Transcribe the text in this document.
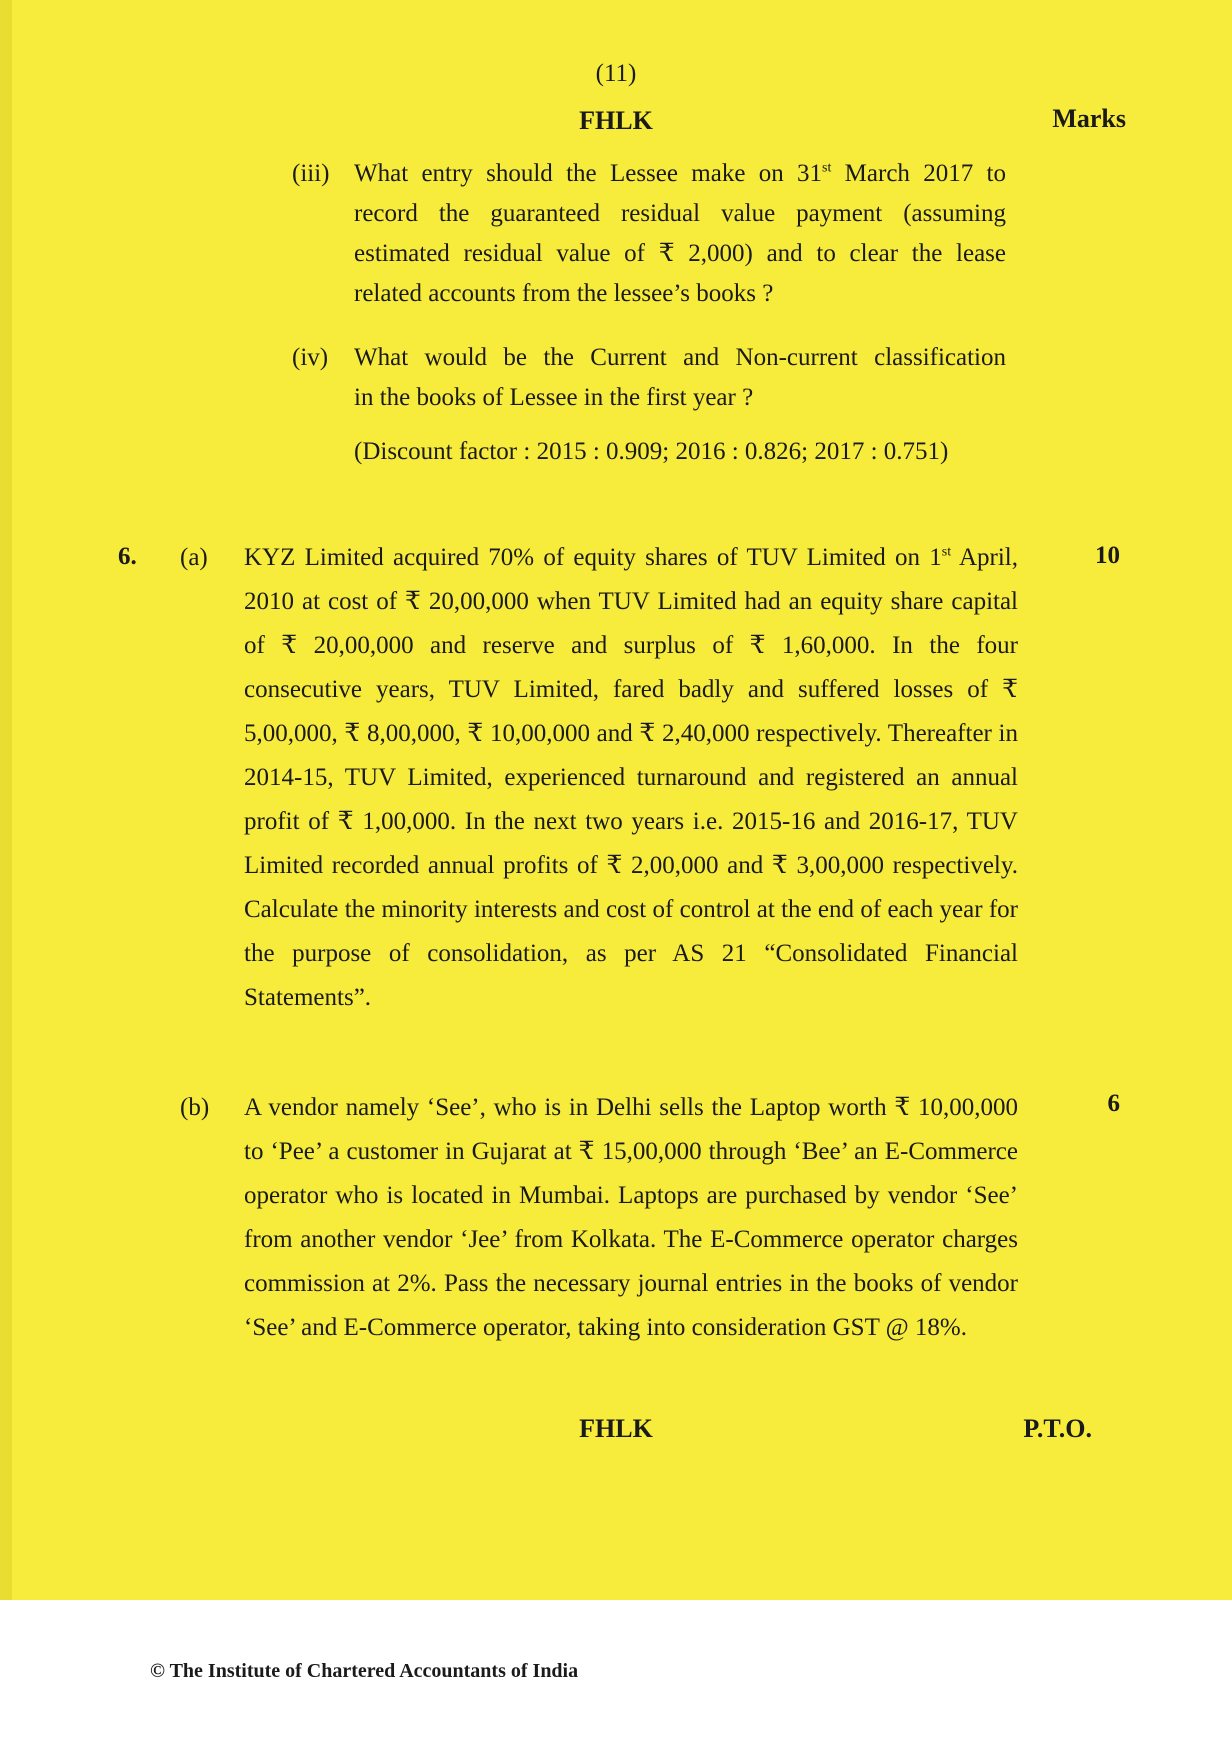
(11)
FHLK	Marks
(iii) What entry should the Lessee make on 31st March 2017 to
record the guaranteed residual value payment (assuming
estimated residual value of ₹ 2,000) and to clear the lease
related accounts from the lessee’s books ?
(iv) What would be the Current and Non-current classification
in the books of Lessee in the first year ?
(Discount factor : 2015 : 0.909; 2016 : 0.826; 2017 : 0.751)
6. (a) KYZ Limited acquired 70% of equity shares of TUV Limited on 1st April, 2010 at cost of ₹ 20,00,000 when TUV Limited had an equity share capital of ₹ 20,00,000 and reserve and surplus of ₹ 1,60,000. In the four consecutive years, TUV Limited, fared badly and suffered losses of ₹ 5,00,000, ₹ 8,00,000, ₹ 10,00,000 and ₹ 2,40,000 respectively. Thereafter in 2014-15, TUV Limited, experienced turnaround and registered an annual profit of ₹ 1,00,000. In the next two years i.e. 2015-16 and 2016-17, TUV Limited recorded annual profits of ₹ 2,00,000 and ₹ 3,00,000 respectively. Calculate the minority interests and cost of control at the end of each year for the purpose of consolidation, as per AS 21 “Consolidated Financial Statements”.
10
(b) A vendor namely ‘See’, who is in Delhi sells the Laptop worth ₹ 10,00,000 to ‘Pee’ a customer in Gujarat at ₹ 15,00,000 through ‘Bee’ an E-Commerce operator who is located in Mumbai. Laptops are purchased by vendor ‘See’ from another vendor ‘Jee’ from Kolkata. The E-Commerce operator charges commission at 2%. Pass the necessary journal entries in the books of vendor ‘See’ and E-Commerce operator, taking into consideration GST @ 18%.
6
FHLK	P.T.O.
© The Institute of Chartered Accountants of India
